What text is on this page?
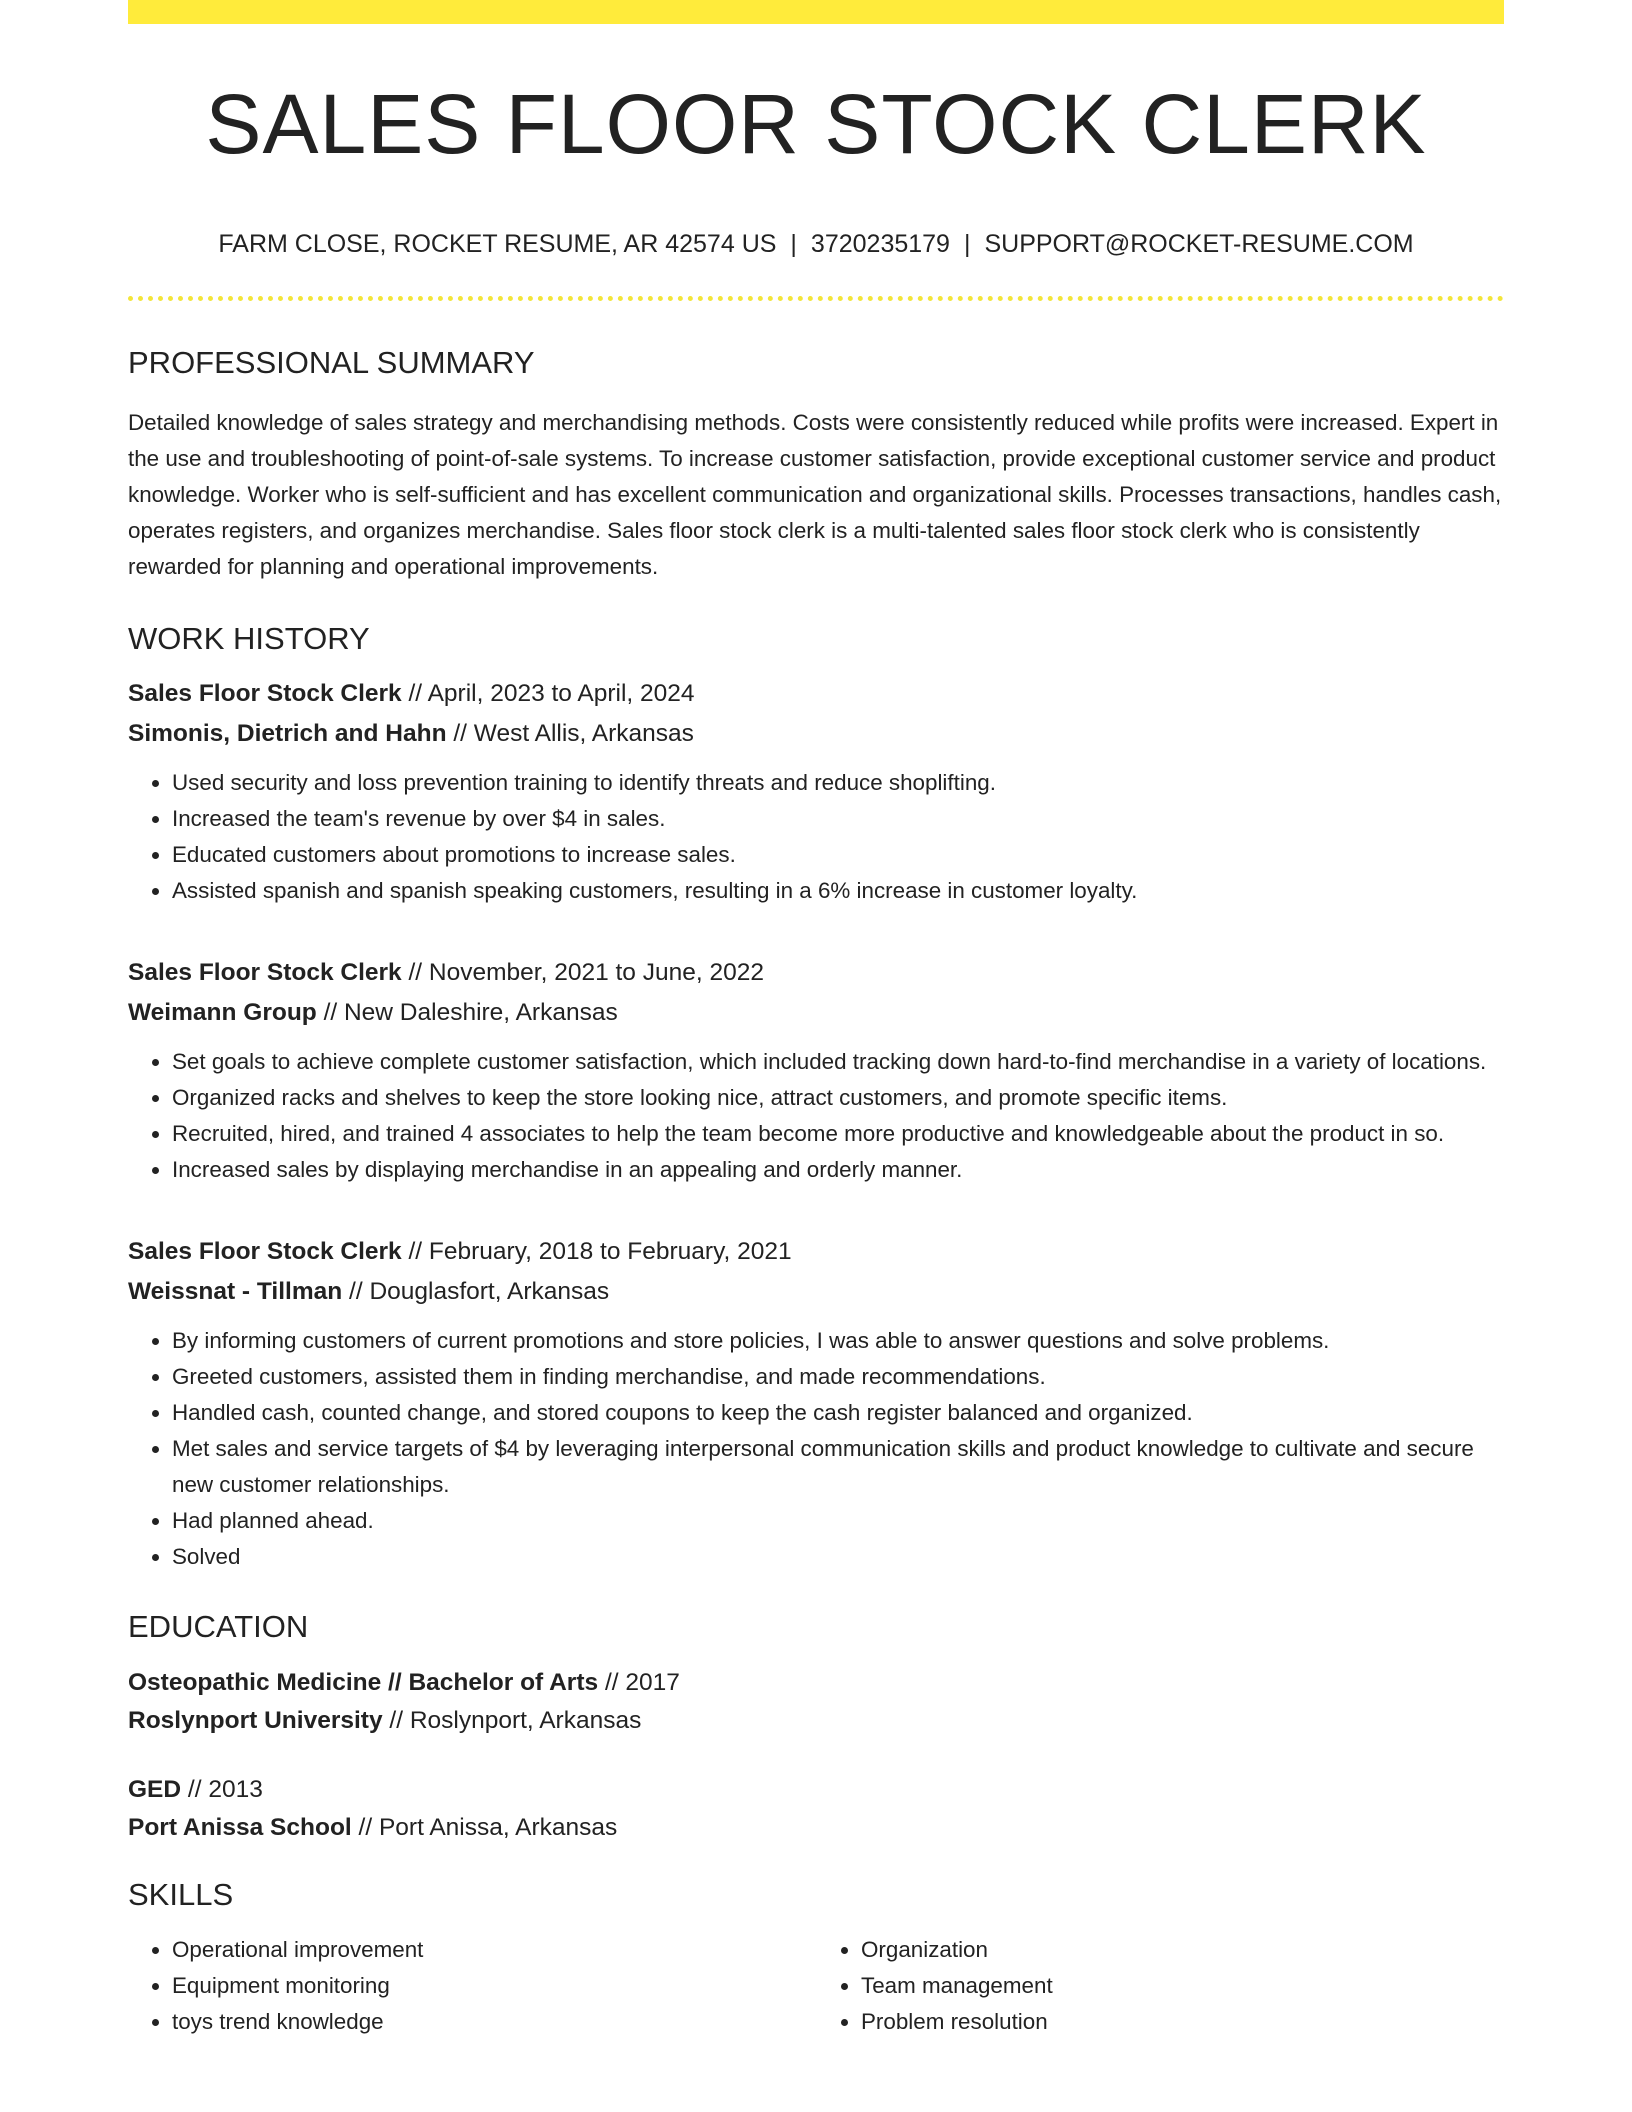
SALES FLOOR STOCK CLERK
FARM CLOSE, ROCKET RESUME, AR 42574 US | 3720235179 | SUPPORT@ROCKET-RESUME.COM
PROFESSIONAL SUMMARY

Detailed knowledge of sales strategy and merchandising methods. Costs were consistently reduced while profits were increased. Expert in the use and troubleshooting of point-of-sale systems. To increase customer satisfaction, provide exceptional customer service and product knowledge. Worker who is self-sufficient and has excellent communication and organizational skills. Processes transactions, handles cash, operates registers, and organizes merchandise. Sales floor stock clerk is a multi-talented sales floor stock clerk who is consistently rewarded for planning and operational improvements.

WORK HISTORY
Sales Floor Stock Clerk // April, 2023 to April, 2024
Simonis, Dietrich and Hahn // West Allis, Arkansas
• Used security and loss prevention training to identify threats and reduce shoplifting.
• Increased the team's revenue by over $4 in sales.
• Educated customers about promotions to increase sales.
• Assisted spanish and spanish speaking customers, resulting in a 6% increase in customer loyalty.
Sales Floor Stock Clerk // November, 2021 to June, 2022
Weimann Group // New Daleshire, Arkansas
• Set goals to achieve complete customer satisfaction, which included tracking down hard-to-find merchandise in a variety of locations.
• Organized racks and shelves to keep the store looking nice, attract customers, and promote specific items.
• Recruited, hired, and trained 4 associates to help the team become more productive and knowledgeable about the product in so.
• Increased sales by displaying merchandise in an appealing and orderly manner.
Sales Floor Stock Clerk // February, 2018 to February, 2021
Weissnat - Tillman // Douglasfort, Arkansas
• By informing customers of current promotions and store policies, I was able to answer questions and solve problems.
• Greeted customers, assisted them in finding merchandise, and made recommendations.
• Handled cash, counted change, and stored coupons to keep the cash register balanced and organized.
• Met sales and service targets of $4 by leveraging interpersonal communication skills and product knowledge to cultivate and secure new customer relationships.
• Had planned ahead.
• Solved
EDUCATION
Osteopathic Medicine // Bachelor of Arts // 2017
Roslynport University // Roslynport, Arkansas
GED // 2013
Port Anissa School // Port Anissa, Arkansas
SKILLS
• Operational improvement
• Equipment monitoring
• toys trend knowledge
• Organization
• Team management
• Problem resolution
